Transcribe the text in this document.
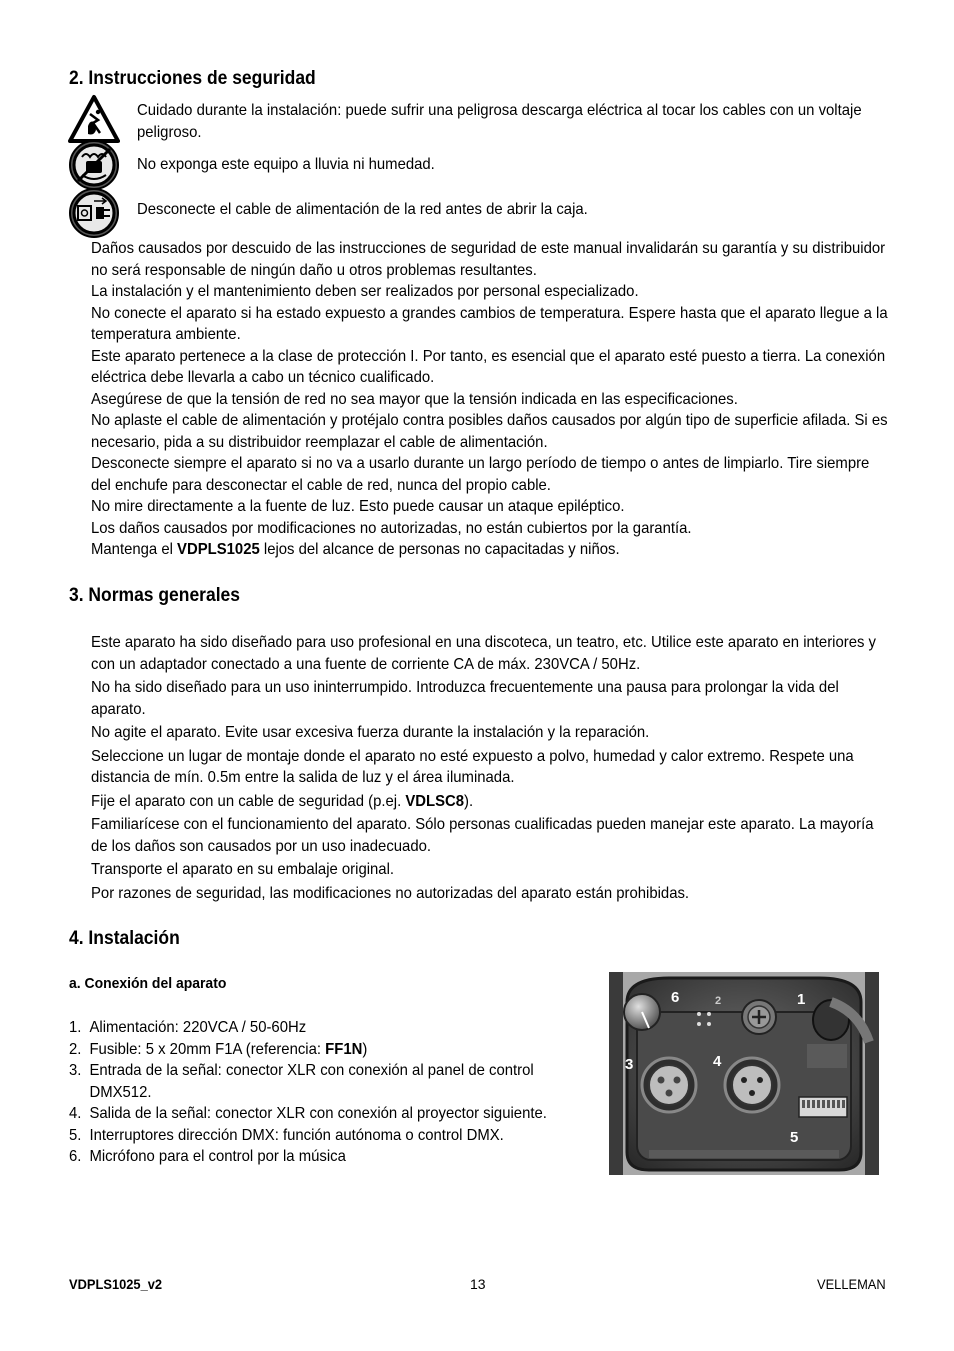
2. Instrucciones de seguridad
Cuidado durante la instalación: puede sufrir una peligrosa descarga eléctrica al tocar los cables con un voltaje peligroso.
No exponga este equipo a lluvia ni humedad.
Desconecte el cable de alimentación de la red antes de abrir la caja.

Daños causados por descuido de las instrucciones de seguridad de este manual invalidarán su garantía y su distribuidor no será responsable de ningún daño u otros problemas resultantes.

La instalación y el mantenimiento deben ser realizados por personal especializado.

No conecte el aparato si ha estado expuesto a grandes cambios de temperatura. Espere hasta que el aparato llegue a la temperatura ambiente.

Este aparato pertenece a la clase de protección I. Por tanto, es esencial que el aparato esté puesto a tierra. La conexión eléctrica debe llevarla a cabo un técnico cualificado.

Asegúrese de que la tensión de red no sea mayor que la tensión indicada en las especificaciones.

No aplaste el cable de alimentación y protéjalo contra posibles daños causados por algún tipo de superficie afilada. Si es necesario, pida a su distribuidor reemplazar el cable de alimentación.

Desconecte siempre el aparato si no va a usarlo durante un largo período de tiempo o antes de limpiarlo. Tire siempre del enchufe para desconectar el cable de red, nunca del propio cable.

No mire directamente a la fuente de luz. Esto puede causar un ataque epiléptico.

Los daños causados por modificaciones no autorizadas, no están cubiertos por la garantía.

Mantenga el VDPLS1025 lejos del alcance de personas no capacitadas y niños.

3. Normas generales

Este aparato ha sido diseñado para uso profesional en una discoteca, un teatro, etc. Utilice este aparato en interiores y con un adaptador conectado a una fuente de corriente CA de máx. 230VCA / 50Hz.

No ha sido diseñado para un uso ininterrumpido. Introduzca frecuentemente una pausa para prolongar la vida del aparato.

No agite el aparato. Evite usar excesiva fuerza durante la instalación y la reparación.

Seleccione un lugar de montaje donde el aparato no esté expuesto a polvo, humedad y calor extremo. Respete una distancia de mín. 0.5m entre la salida de luz y el área iluminada.

Fije el aparato con un cable de seguridad (p.ej. VDLSC8).

Familiarícese con el funcionamiento del aparato. Sólo personas cualificadas pueden manejar este aparato. La mayoría de los daños son causados por un uso inadecuado.

Transporte el aparato en su embalaje original.

Por razones de seguridad, las modificaciones no autorizadas del aparato están prohibidas.

4. Instalación
a. Conexión del aparato
1. Alimentación: 220VCA / 50-60Hz
2. Fusible: 5 x 20mm F1A (referencia: FF1N)
3. Entrada de la señal: conector XLR con conexión al panel de control DMX512.
4. Salida de la señal: conector XLR con conexión al proyector siguiente.
5. Interruptores dirección DMX: función autónoma o control DMX.
6. Micrófono para el control por la música
1
2
3	4
5
6
VDPLS1025_v2	13	VELLEMAN
